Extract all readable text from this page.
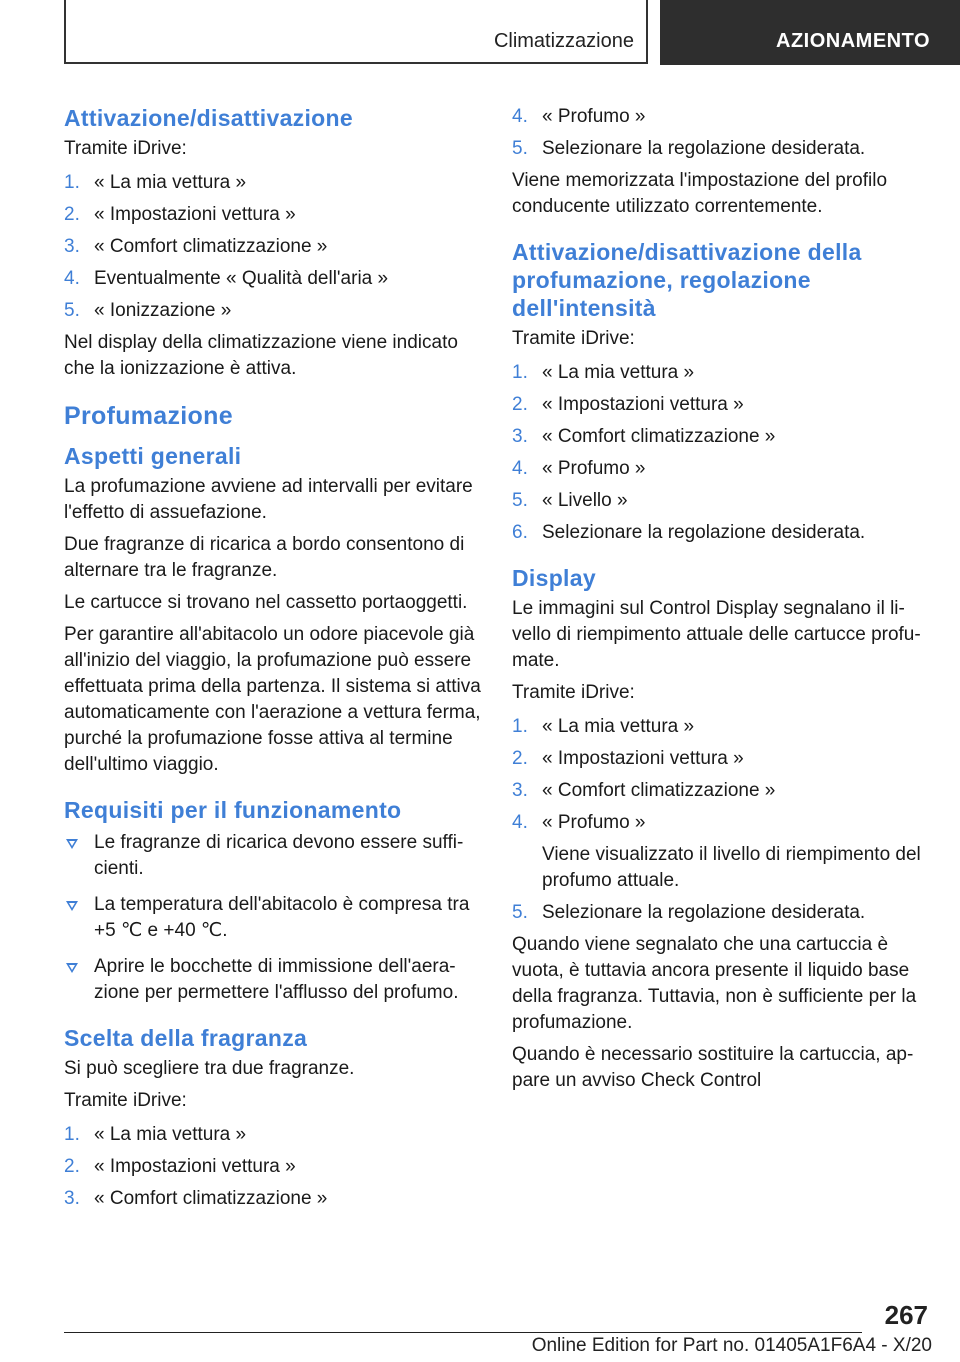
Climatizzazione	AZIONAMENTO
Attivazione/disattivazione

Tramite iDrive:

1. « La mia vettura »
2. « Impostazioni vettura »
3. « Comfort climatizzazione »
4. Eventualmente « Qualità dell'aria »
5. « Ionizzazione »

Nel display della climatizzazione viene indicato che la ionizzazione è attiva.

Profumazione
Aspetti generali

La profumazione avviene ad intervalli per evitare l'effetto di assuefazione.

Due fragranze di ricarica a bordo consentono di alternare tra le fragranze.

Le cartucce si trovano nel cassetto portaoggetti.

Per garantire all'abitacolo un odore piacevole già all'inizio del viaggio, la profumazione può essere effettuata prima della partenza. Il sistema si attiva automaticamente con l'aerazione a vettura ferma, purché la profumazione fosse attiva al termine dell'ultimo viaggio.

Requisiti per il funzionamento
Le fragranze di ricarica devono essere sufficienti.
La temperatura dell'abitacolo è compresa tra +5 ℃ e +40 ℃.
Aprire le bocchette di immissione dell'aerazione per permettere l'afflusso del profumo.
Scelta della fragranza

Si può scegliere tra due fragranze.

Tramite iDrive:

1. « La mia vettura »
2. « Impostazioni vettura »
3. « Comfort climatizzazione »
4. « Profumo »
5. Selezionare la regolazione desiderata.

Viene memorizzata l'impostazione del profilo conducente utilizzato correntemente.

Attivazione/disattivazione della profumazione, regolazione dell'intensità

Tramite iDrive:

1. « La mia vettura »
2. « Impostazioni vettura »
3. « Comfort climatizzazione »
4. « Profumo »
5. « Livello »
6. Selezionare la regolazione desiderata.
Display

Le immagini sul Control Display segnalano il livello di riempimento attuale delle cartucce profumate.

Tramite iDrive:

1. « La mia vettura »
2. « Impostazioni vettura »
3. « Comfort climatizzazione »
4. « Profumo »
Viene visualizzato il livello di riempimento del profumo attuale.
5. Selezionare la regolazione desiderata.

Quando viene segnalato che una cartuccia è vuota, è tuttavia ancora presente il liquido base della fragranza. Tuttavia, non è sufficiente per la profumazione.

Quando è necessario sostituire la cartuccia, appare un avviso Check Control

267
Online Edition for Part no. 01405A1F6A4 - X/20
